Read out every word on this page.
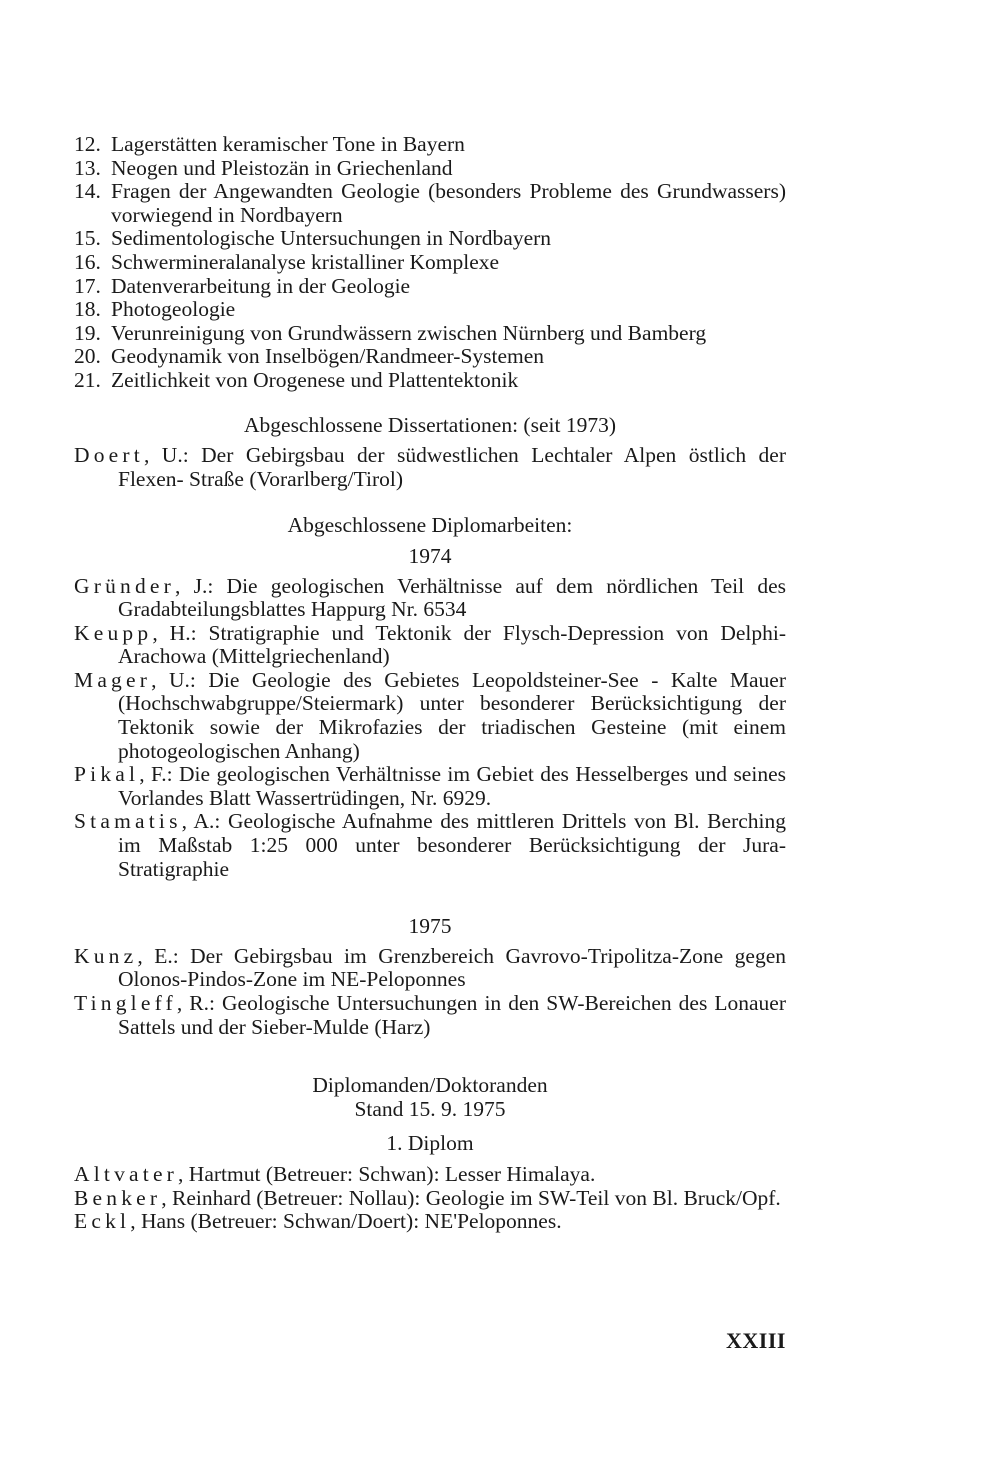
12. Lagerstätten keramischer Tone in Bayern
13. Neogen und Pleistozän in Griechenland
14. Fragen der Angewandten Geologie (besonders Probleme des Grundwassers) vorwiegend in Nordbayern
15. Sedimentologische Untersuchungen in Nordbayern
16. Schwermineralanalyse kristalliner Komplexe
17. Datenverarbeitung in der Geologie
18. Photogeologie
19. Verunreinigung von Grundwässern zwischen Nürnberg und Bamberg
20. Geodynamik von Inselbögen/Randmeer-Systemen
21. Zeitlichkeit von Orogenese und Plattentektonik
Abgeschlossene Dissertationen: (seit 1973)
Doert, U.: Der Gebirgsbau der südwestlichen Lechtaler Alpen östlich der Flexen- Straße (Vorarlberg/Tirol)
Abgeschlossene Diplomarbeiten:
1974
Gründer, J.: Die geologischen Verhältnisse auf dem nördlichen Teil des Gradabteilungsblattes Happurg Nr. 6534
Keupp, H.: Stratigraphie und Tektonik der Flysch-Depression von Delphi-Arachowa (Mittelgriechenland)
Mager, U.: Die Geologie des Gebietes Leopoldsteiner-See - Kalte Mauer (Hochschwabgruppe/Steiermark) unter besonderer Berücksichtigung der Tektonik sowie der Mikrofazies der triadischen Gesteine (mit einem photogeologischen Anhang)
Pikal, F.: Die geologischen Verhältnisse im Gebiet des Hesselberges und seines Vorlandes Blatt Wassertrüdingen, Nr. 6929.
Stamatis, A.: Geologische Aufnahme des mittleren Drittels von Bl. Berching im Maßstab 1:25 000 unter besonderer Berücksichtigung der Jura-Stratigraphie
1975
Kunz, E.: Der Gebirgsbau im Grenzbereich Gavrovo-Tripolitza-Zone gegen Olonos-Pindos-Zone im NE-Peloponnes
Tingleff, R.: Geologische Untersuchungen in den SW-Bereichen des Lonauer Sattels und der Sieber-Mulde (Harz)
Diplomanden/Doktoranden
Stand 15. 9. 1975
1. Diplom
Altvater, Hartmut (Betreuer: Schwan): Lesser Himalaya.
Benker, Reinhard (Betreuer: Nollau): Geologie im SW-Teil von Bl. Bruck/Opf.
Eckl, Hans (Betreuer: Schwan/Doert): NE'Peloponnes.
XXIII
